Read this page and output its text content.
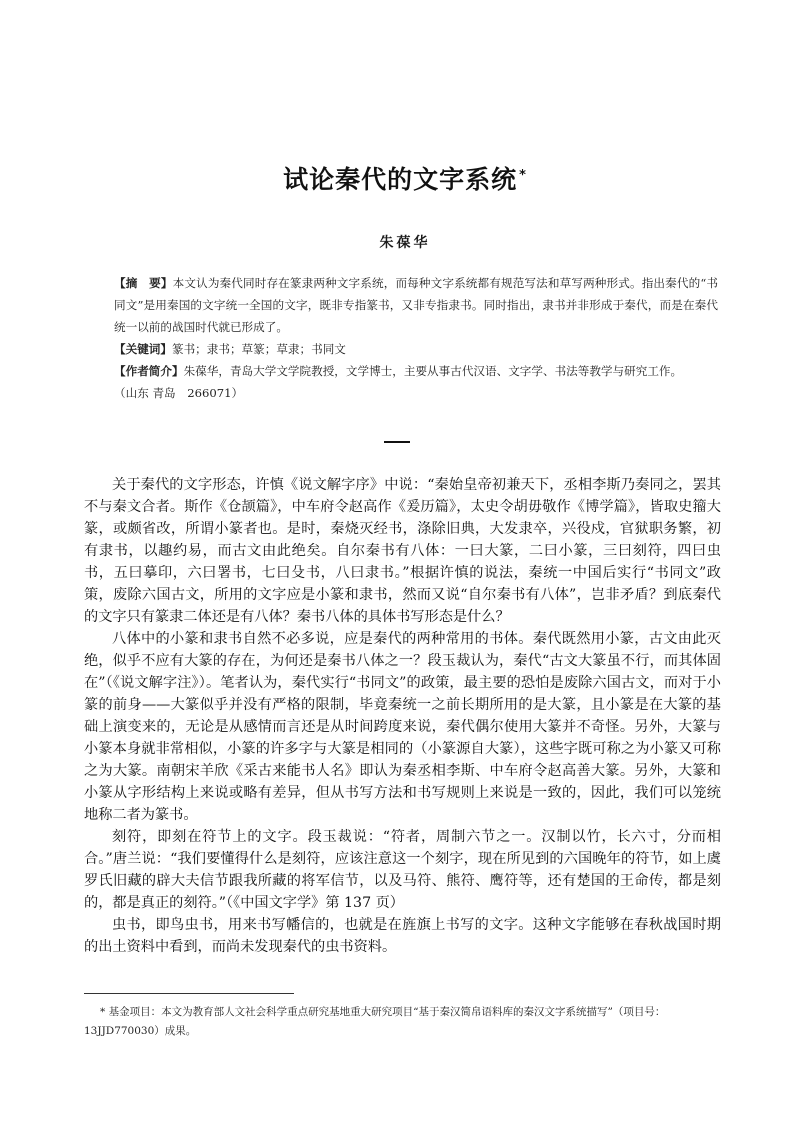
试论秦代的文字系统 *
朱葆华

【摘　要】本文认为秦代同时存在篆隶两种文字系统，而每种文字系统都有规范写法和草写两种形式。指出秦代的“书同文”是用秦国的文字统一全国的文字，既非专指篆书，又非专指隶书。同时指出，隶书并非形成于秦代，而是在秦代统一以前的战国时代就已形成了。

【关键词】篆书；隶书；草篆；草隶；书同文

【作者简介】朱葆华，青岛大学文学院教授，文学博士，主要从事古代汉语、文字学、书法等教学与研究工作。

（山东 青岛　266071）

关于秦代的文字形态，许慎《说文解字序》中说：“秦始皇帝初兼天下，丞相李斯乃奏同之，罢其不与秦文合者。斯作《仓颉篇》，中车府令赵高作《爰历篇》，太史令胡毋敬作《博学篇》，皆取史籀大篆，或颇省改，所谓小篆者也。是时，秦烧灭经书，涤除旧典，大发隶卒，兴役戍，官狱职务繁，初有隶书，以趣约易，而古文由此绝矣。自尔秦书有八体：一曰大篆，二曰小篆，三曰刻符，四曰虫书，五曰摹印，六曰署书，七曰殳书，八曰隶书。”根据许慎的说法，秦统一中国后实行“书同文”政策，废除六国古文，所用的文字应是小篆和隶书，然而又说“自尔秦书有八体”，岂非矛盾？到底秦代的文字只有篆隶二体还是有八体？秦书八体的具体书写形态是什么？

八体中的小篆和隶书自然不必多说，应是秦代的两种常用的书体。秦代既然用小篆，古文由此灭绝，似乎不应有大篆的存在，为何还是秦书八体之一？段玉裁认为，秦代“古文大篆虽不行，而其体固在”（《说文解字注》）。笔者认为，秦代实行“书同文”的政策，最主要的恐怕是废除六国古文，而对于小篆的前身——大篆似乎并没有严格的限制，毕竟秦统一之前长期所用的是大篆，且小篆是在大篆的基础上演变来的，无论是从感情而言还是从时间跨度来说，秦代偶尔使用大篆并不奇怪。另外，大篆与小篆本身就非常相似，小篆的许多字与大篆是相同的（小篆源自大篆），这些字既可称之为小篆又可称之为大篆。南朝宋羊欣《采古来能书人名》即认为秦丞相李斯、中车府令赵高善大篆。另外，大篆和小篆从字形结构上来说或略有差异，但从书写方法和书写规则上来说是一致的，因此，我们可以笼统地称二者为篆书。

刻符，即刻在符节上的文字。段玉裁说：“符者，周制六节之一。汉制以竹，长六寸，分而相合。”唐兰说：“我们要懂得什么是刻符，应该注意这一个刻字，现在所见到的六国晚年的符节，如上虞罗氏旧藏的辟大夫信节跟我所藏的将军信节，以及马符、熊符、鹰符等，还有楚国的王命传，都是刻的，都是真正的刻符。”（《中国文字学》第 137 页）

虫书，即鸟虫书，用来书写幡信的，也就是在旌旗上书写的文字。这种文字能够在春秋战国时期的出土资料中看到，而尚未发现秦代的虫书资料。

* 基金项目：本文为教育部人文社会科学重点研究基地重大研究项目“基于秦汉简帛语料库的秦汉文字系统描写”（项目号：13JJD770030）成果。
